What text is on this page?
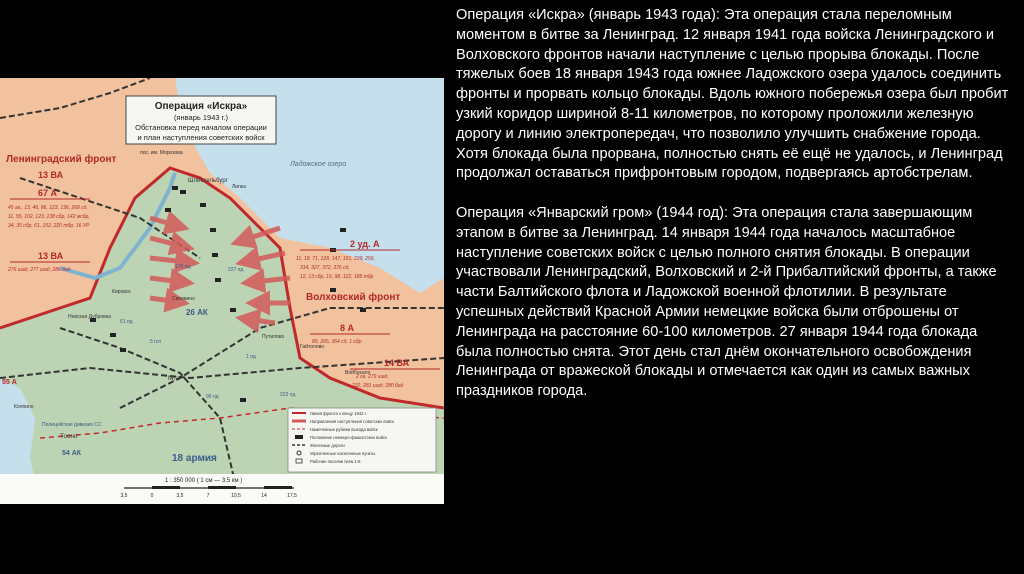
Операция «Искра»
(январь 1943 г.)
Обстановка перед началом операции
и план наступления советских войск
Ладожское озеро
Шлиссельбург
Мга
Тосно
пос. им. Морозова
Невская Дубровка
Кировск
Синявино
Гайтолово
Липка
Путилово
Колпино
Войбокало
Ленинградский фронт
13 ВА
67 А
45 гв., 13, 46, 86, 123, 136, 268 сд,
11, 55, 102, 123, 138 сбр, 142 мсбр,
34, 35 сбр, 61, 152, 220 тбр, 16 УР
13 ВА
276 шад, 277 шад, 286 бад
2 уд. А
11, 18, 71, 128, 147, 191, 239, 256,
314, 327, 372, 376 сд,
12, 13 сбр, 16, 98, 122, 185 тбр
Волховский фронт
8 А
80, 265, 364 сд, 1 сбр
14 ВА
2 гв. 279 шад,
232, 281 шад, 280 бад
26 АК
18 армия
54 АК
55 А
170 пд	227 пд
223 пд
96 пд
61 пд
1 пд
5 гсп
Полицейская дивизия СС
Линия фронта к концу 1942 г.
Направления наступления советских войск
Намеченные рубежи выхода войск
Положение немецко-фашистских войск
Железные дороги
Укрепленные населенные пункты
Рабочие поселки №№ 1-8
1 : 350 000 ( 1 см — 3,5 км )
3,5	0	3,5	7	10,5	14	17,5

Операция «Искра» (январь 1943 года): Эта операция стала переломным моментом в битве за Ленинград. 12 января 1941 года войска Ленинградского и Волховского фронтов начали наступление с целью прорыва блокады. После тяжелых боев 18 января 1943 года южнее Ладожского озера удалось соединить фронты и прорвать кольцо блокады. Вдоль южного побережья озера был пробит узкий коридор шириной 8-11 километров, по которому проложили железную дорогу и линию электропередач, что позволило улучшить снабжение города. Хотя блокада была прорвана, полностью снять её ещё не удалось, и Ленинград продолжал оставаться прифронтовым городом, подвергаясь артобстрелам.

Операция «Январский гром» (1944 год): Эта операция стала завершающим этапом в битве за Ленинград. 14 января 1944 года началось масштабное наступление советских войск с целью полного снятия блокады. В операции участвовали Ленинградский, Волховский и 2-й Прибалтийский фронты, а также части Балтийского флота и Ладожской военной флотилии. В результате успешных действий Красной Армии немецкие войска были отброшены от Ленинграда на расстояние 60-100 километров. 27 января 1944 года блокада была полностью снята. Этот день стал днём окончательного освобождения Ленинграда от вражеской блокады и отмечается как один из самых важных праздников города.
